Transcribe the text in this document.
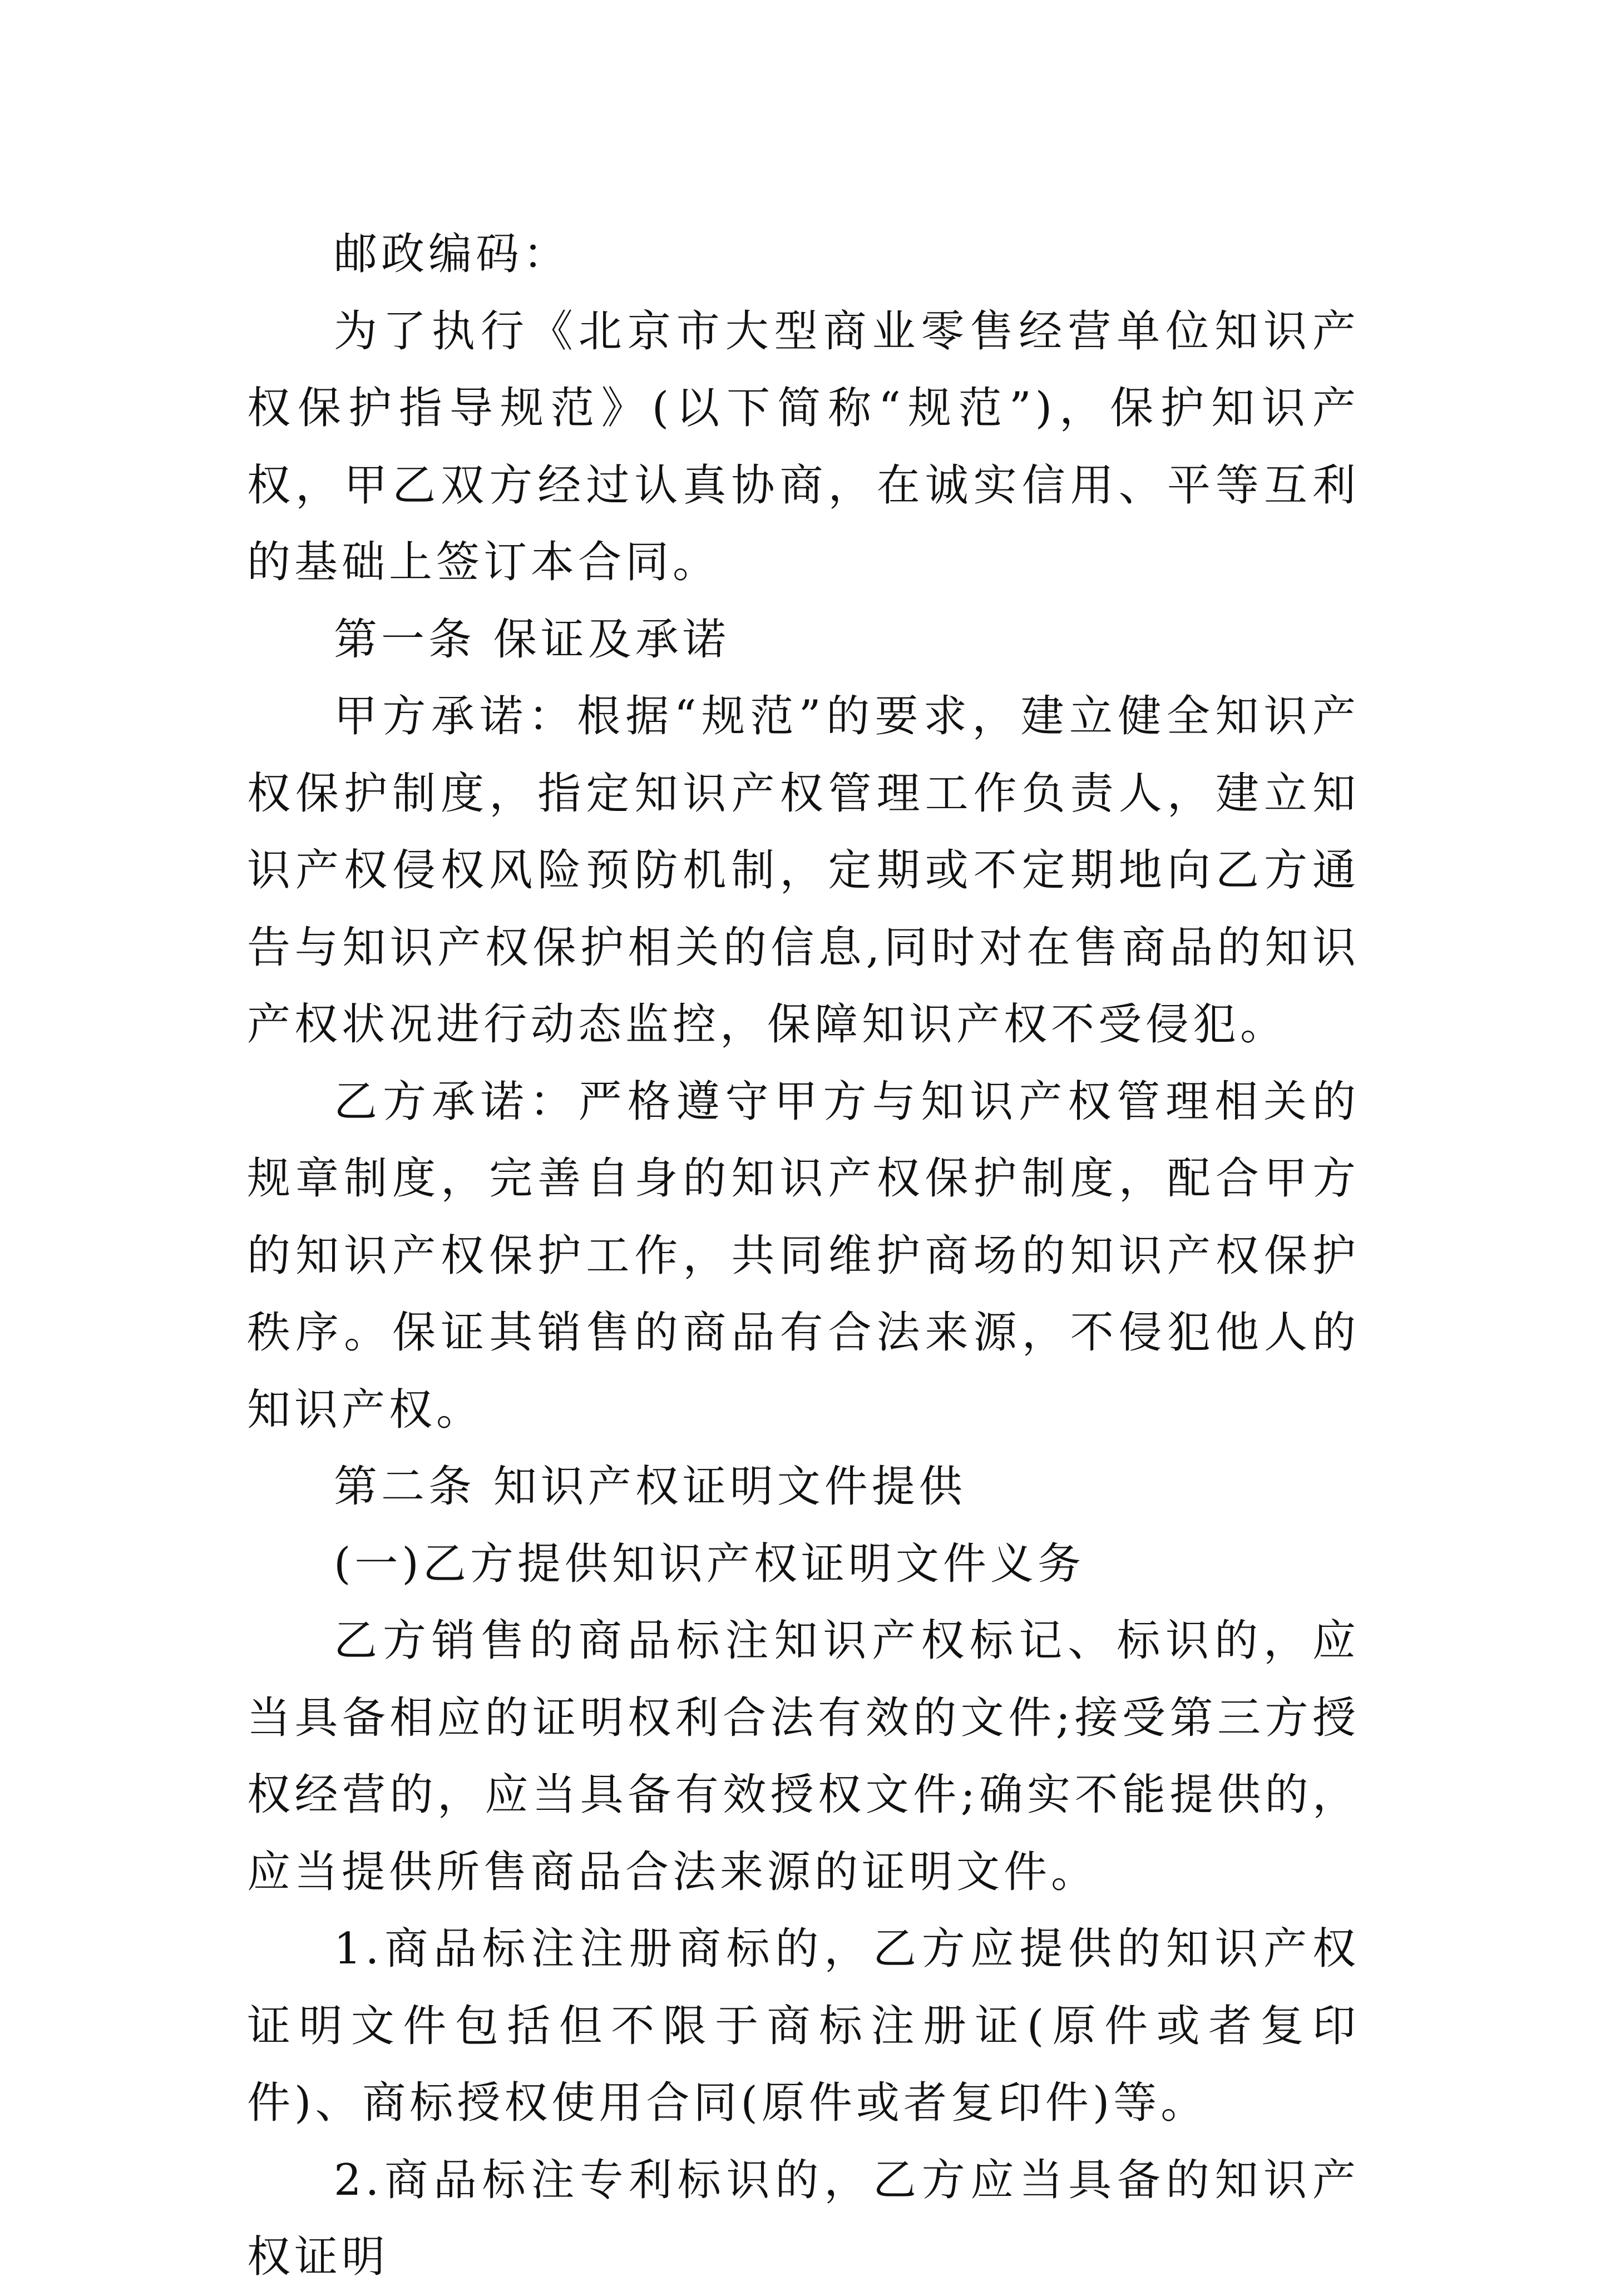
邮政编码：

为了执行《北京市大型商业零售经营单位知识产权保护指导规范》(以下简称“规范”)，保护知识产权，甲乙双方经过认真协商，在诚实信用、平等互利的基础上签订本合同。

第一条 保证及承诺

甲方承诺：根据“规范”的要求，建立健全知识产权保护制度，指定知识产权管理工作负责人，建立知识产权侵权风险预防机制，定期或不定期地向乙方通告与知识产权保护相关的信息,同时对在售商品的知识产权状况进行动态监控，保障知识产权不受侵犯。

乙方承诺：严格遵守甲方与知识产权管理相关的规章制度，完善自身的知识产权保护制度，配合甲方的知识产权保护工作，共同维护商场的知识产权保护秩序。保证其销售的商品有合法来源，不侵犯他人的知识产权。

第二条 知识产权证明文件提供

(一)乙方提供知识产权证明文件义务

乙方销售的商品标注知识产权标记、标识的，应当具备相应的证明权利合法有效的文件;接受第三方授权经营的，应当具备有效授权文件;确实不能提供的，应当提供所售商品合法来源的证明文件。

1.商品标注注册商标的，乙方应提供的知识产权证明文件包括但不限于商标注册证(原件或者复印件)、商标授权使用合同(原件或者复印件)等。

2.商品标注专利标识的，乙方应当具备的知识产权证明
